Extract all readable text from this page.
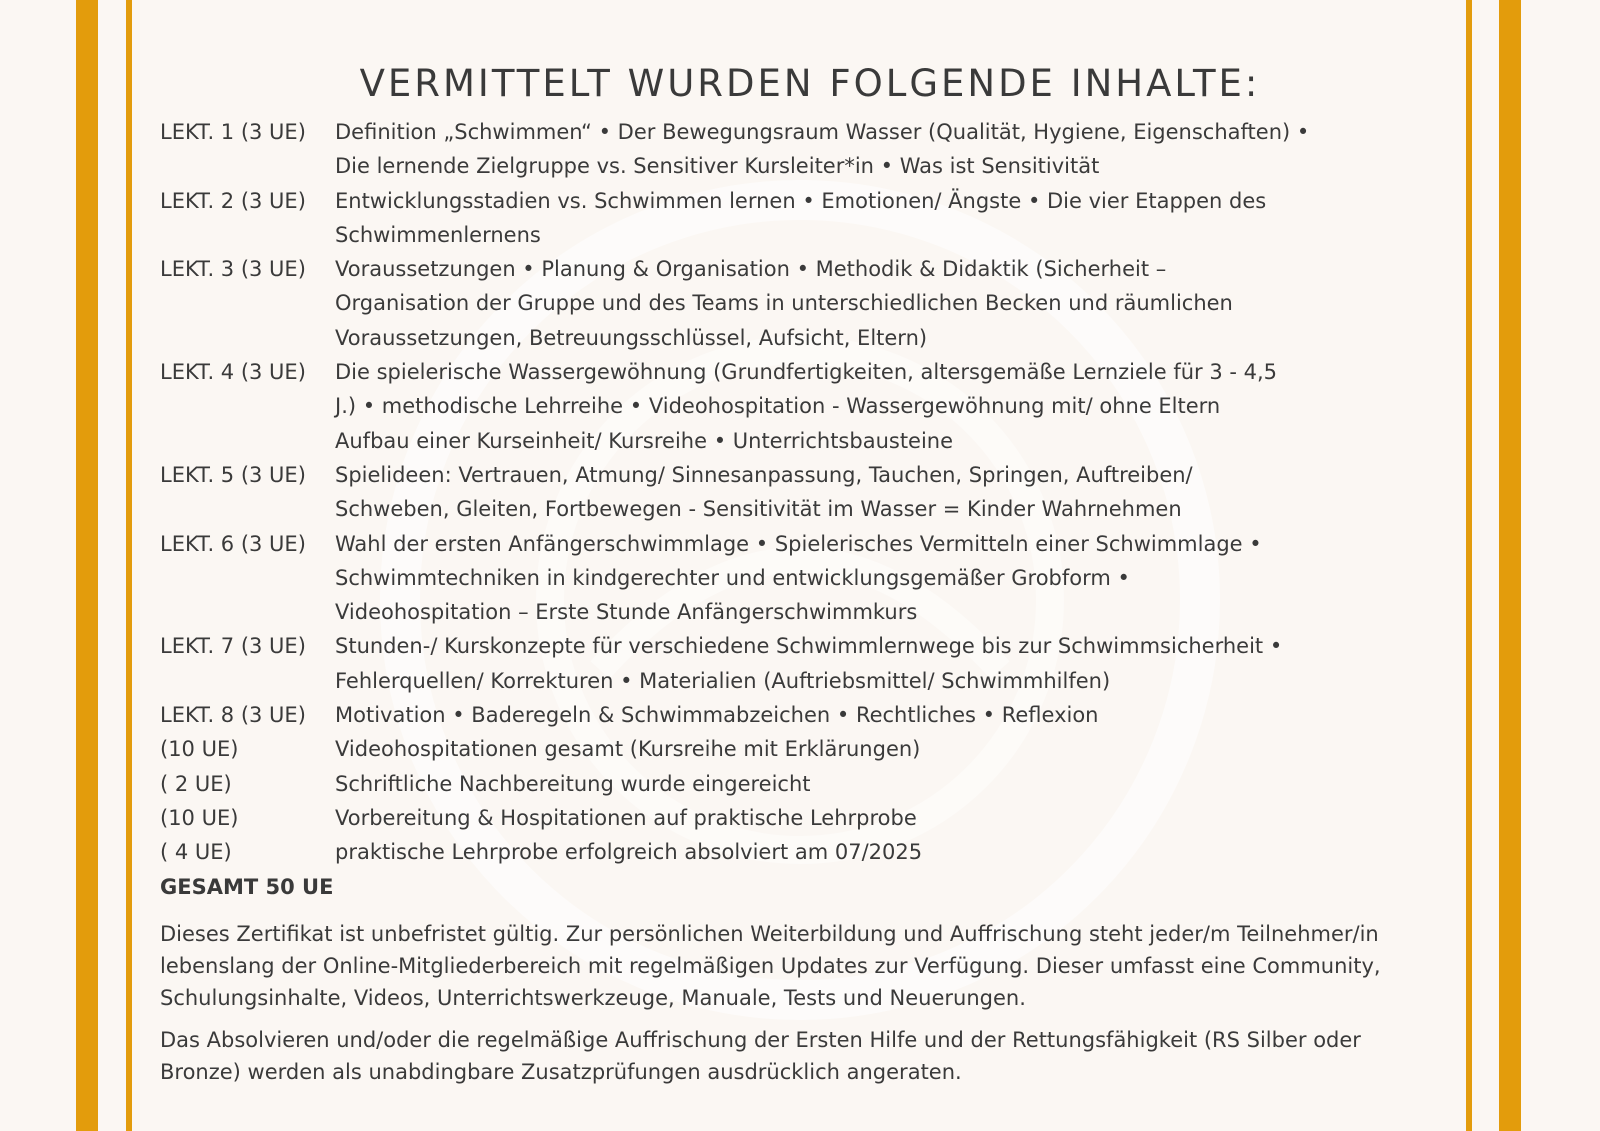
VERMITTELT WURDEN FOLGENDE INHALTE:
LEKT. 1 (3 UE)	Definition „Schwimmen“ • Der Bewegungsraum Wasser (Qualität, Hygiene, Eigenschaften) •
Die lernende Zielgruppe vs. Sensitiver Kursleiter*in • Was ist Sensitivität
LEKT. 2 (3 UE)	Entwicklungsstadien vs. Schwimmen lernen • Emotionen/ Ängste • Die vier Etappen des
Schwimmenlernens
LEKT. 3 (3 UE)	Voraussetzungen • Planung & Organisation • Methodik & Didaktik (Sicherheit –
Organisation der Gruppe und des Teams in unterschiedlichen Becken und räumlichen
Voraussetzungen, Betreuungsschlüssel, Aufsicht, Eltern)
LEKT. 4 (3 UE)	Die spielerische Wassergewöhnung (Grundfertigkeiten, altersgemäße Lernziele für 3 - 4,5
J.) • methodische Lehrreihe • Videohospitation - Wassergewöhnung mit/ ohne Eltern
Aufbau einer Kurseinheit/ Kursreihe • Unterrichtsbausteine
LEKT. 5 (3 UE)	Spielideen: Vertrauen, Atmung/ Sinnesanpassung, Tauchen, Springen, Auftreiben/
Schweben, Gleiten, Fortbewegen - Sensitivität im Wasser = Kinder Wahrnehmen
LEKT. 6 (3 UE)	Wahl der ersten Anfängerschwimmlage • Spielerisches Vermitteln einer Schwimmlage •
Schwimmtechniken in kindgerechter und entwicklungsgemäßer Grobform •
Videohospitation – Erste Stunde Anfängerschwimmkurs
LEKT. 7 (3 UE)	Stunden-/ Kurskonzepte für verschiedene Schwimmlernwege bis zur Schwimmsicherheit •
Fehlerquellen/ Korrekturen • Materialien (Auftriebsmittel/ Schwimmhilfen)
LEKT. 8 (3 UE)	Motivation • Baderegeln & Schwimmabzeichen • Rechtliches • Reflexion
(10 UE)	Videohospitationen gesamt (Kursreihe mit Erklärungen)
( 2 UE)	Schriftliche Nachbereitung wurde eingereicht
(10 UE)	Vorbereitung & Hospitationen auf praktische Lehrprobe
( 4 UE)	praktische Lehrprobe erfolgreich absolviert am 07/2025
GESAMT 50 UE

Dieses Zertifikat ist unbefristet gültig. Zur persönlichen Weiterbildung und Auffrischung steht jeder/m Teilnehmer/in lebenslang der Online-Mitgliederbereich mit regelmäßigen Updates zur Verfügung. Dieser umfasst eine Community, Schulungsinhalte, Videos, Unterrichtswerkzeuge, Manuale, Tests und Neuerungen.

Das Absolvieren und/oder die regelmäßige Auffrischung der Ersten Hilfe und der Rettungsfähigkeit (RS Silber oder Bronze) werden als unabdingbare Zusatzprüfungen ausdrücklich angeraten.
